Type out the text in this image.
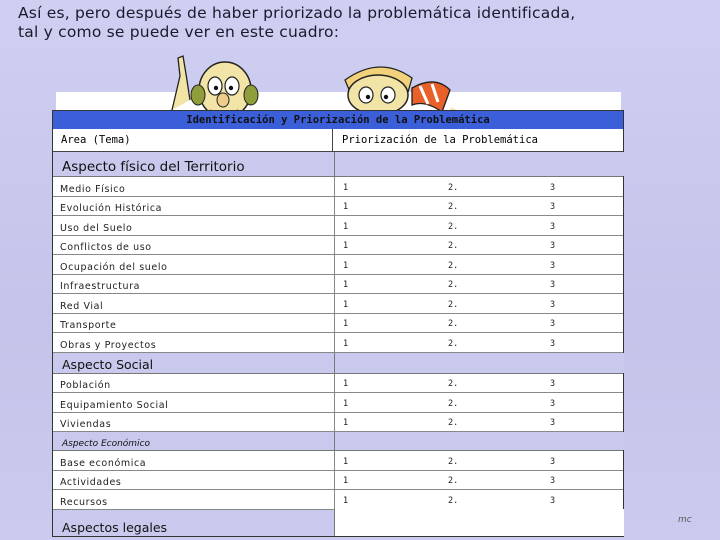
Así es, pero después de haber priorizado la problemática identificada,
tal y como se puede ver en este cuadro:
Identificación y Priorización de la Problemática
Area (Tema)	Priorización de la Problemática
Aspecto físico del Territorio
Medio Físico	1	2.	3
Evolución Histórica	1	2.	3
Uso del Suelo	1	2.	3
Conflictos de uso	1	2.	3
Ocupación del suelo	1	2.	3
Infraestructura	1	2.	3
Red Vial	1	2.	3
Transporte	1	2.	3
Obras y Proyectos	1	2.	3
Aspecto Social
Población	1	2.	3
Equipamiento Social	1	2.	3
Viviendas	1	2.	3
Aspecto Económico
Base económica	1	2.	3
Actividades	1	2.	3
Recursos	1	2.	3
Aspectos legales	mc
